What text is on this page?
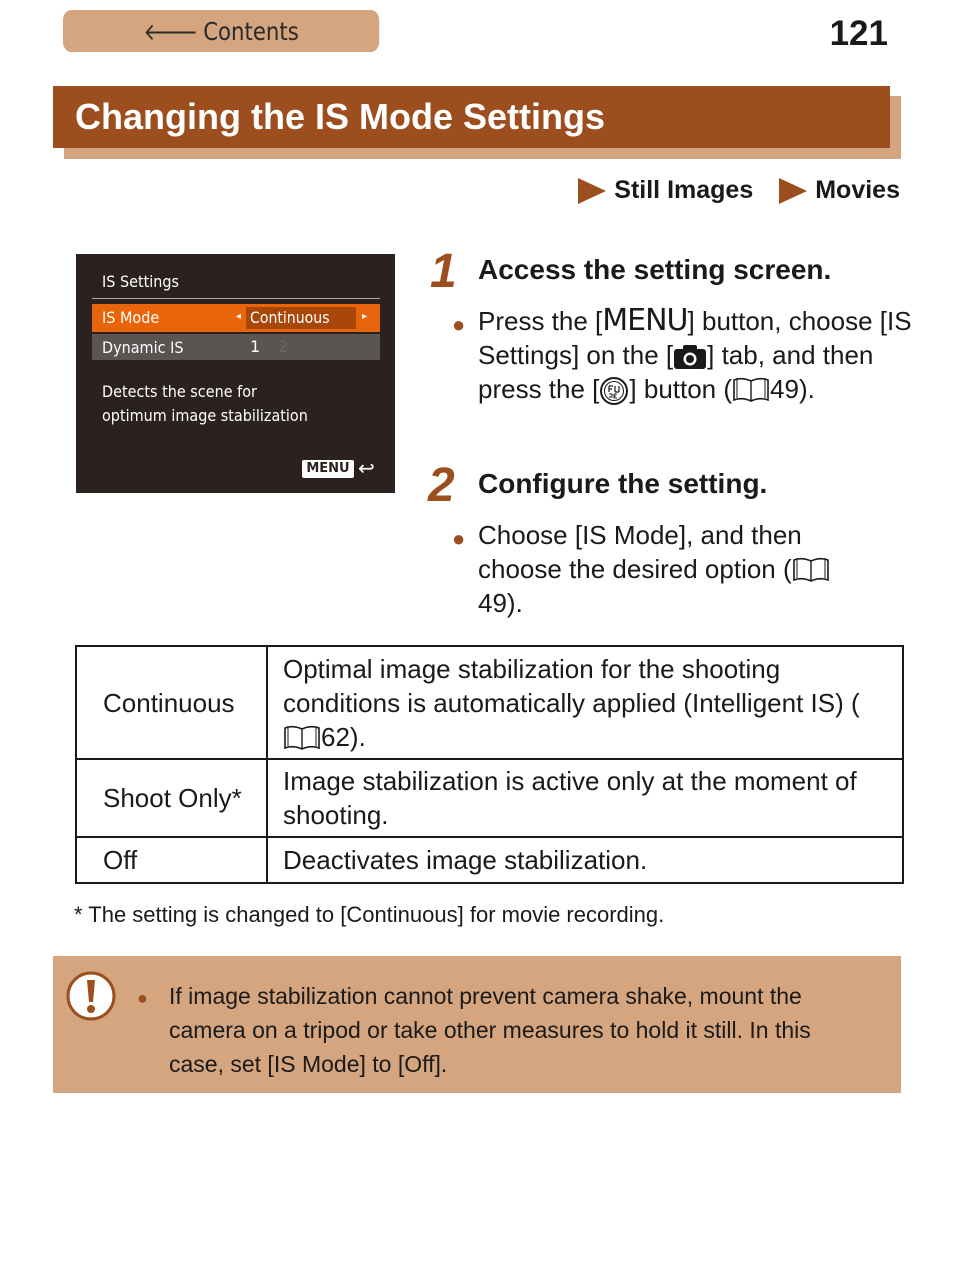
🡐 Contents	121
Changing the IS Mode Settings
Still Images Movies
IS Settings
IS Mode	◂ Continuous	▸
Dynamic IS	1 2
Detects the scene for
optimum image stabilization
MENU ↩
1 Access the setting screen.
● Press the [MENU] button, choose [IS Settings] on the [ ] tab, and then press the [ ] button ( 49).
2 Configure the setting.
● Choose [IS Mode], and then choose the desired option (49).
Continuous	Optimal image stabilization for the shooting conditions is automatically applied (Intelligent IS) (62).
Shoot Only*	Image stabilization is active only at the moment of shooting.
Off	Deactivates image stabilization.
* The setting is changed to [Continuous] for movie recording.
● If image stabilization cannot prevent camera shake, mount the camera on a tripod or take other measures to hold it still. In this case, set [IS Mode] to [Off].
